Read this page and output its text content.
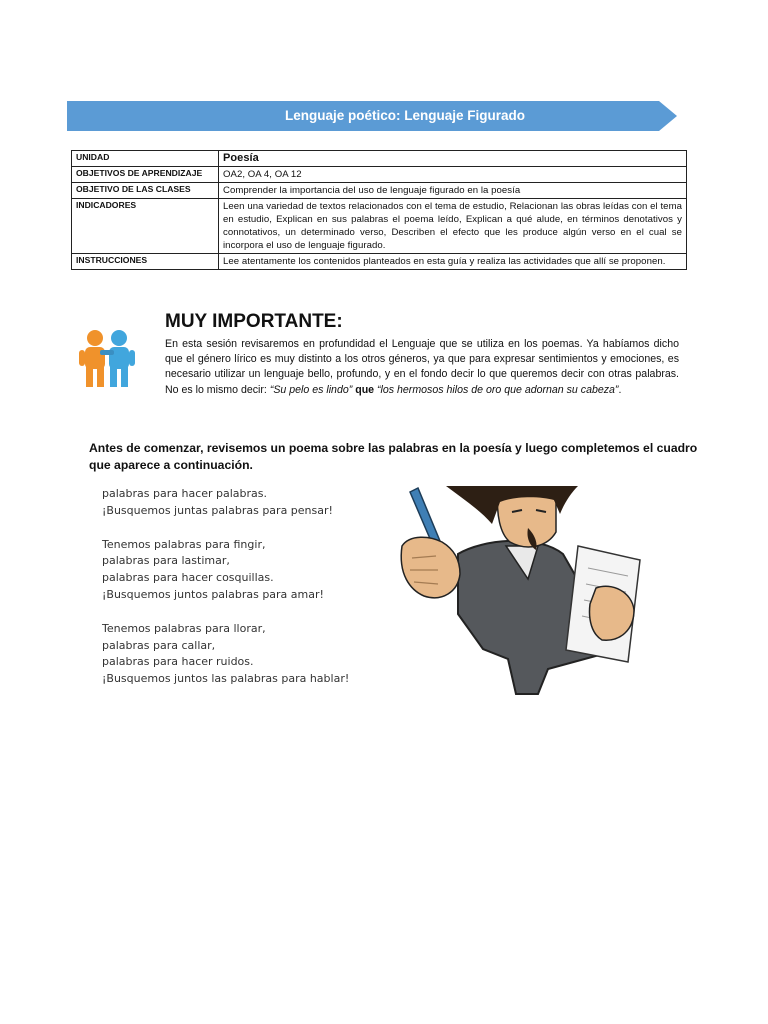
Lenguaje poético: Lenguaje Figurado
UNIDAD	Poesía
OBJETIVOS DE APRENDIZAJE	OA2, OA 4, OA 12
OBJETIVO DE LAS CLASES	Comprender la importancia del uso de lenguaje figurado en la poesía
INDICADORES	Leen una variedad de textos relacionados con el tema de estudio, Relacionan las obras leídas con el tema en estudio, Explican en sus palabras el poema leído, Explican a qué alude, en términos denotativos y connotativos, un determinado verso, Describen el efecto que les produce algún verso en el cual se incorpora el uso de lenguaje figurado.
INSTRUCCIONES	Lee atentamente los contenidos planteados en esta guía y realiza las actividades que allí se proponen.
MUY IMPORTANTE:
En esta sesión revisaremos en profundidad el Lenguaje que se utiliza en los poemas. Ya habíamos dicho que el género lírico es muy distinto a los otros géneros, ya que para expresar sentimientos y emociones, es necesario utilizar un lenguaje bello, profundo, y en el fondo decir lo que queremos decir con otras palabras. No es lo mismo decir: “Su pelo es lindo” que “los hermosos hilos de oro que adornan su cabeza”.
Antes de comenzar, revisemos un poema sobre las palabras en la poesía y luego completemos el cuadro que aparece a continuación.
palabras para hacer palabras.
¡Busquemos juntas palabras para pensar!
Tenemos palabras para fingir,
palabras para lastimar,
palabras para hacer cosquillas.
¡Busquemos juntos palabras para amar!
Tenemos palabras para llorar,
palabras para callar,
palabras para hacer ruidos.
¡Busquemos juntos las palabras para hablar!
